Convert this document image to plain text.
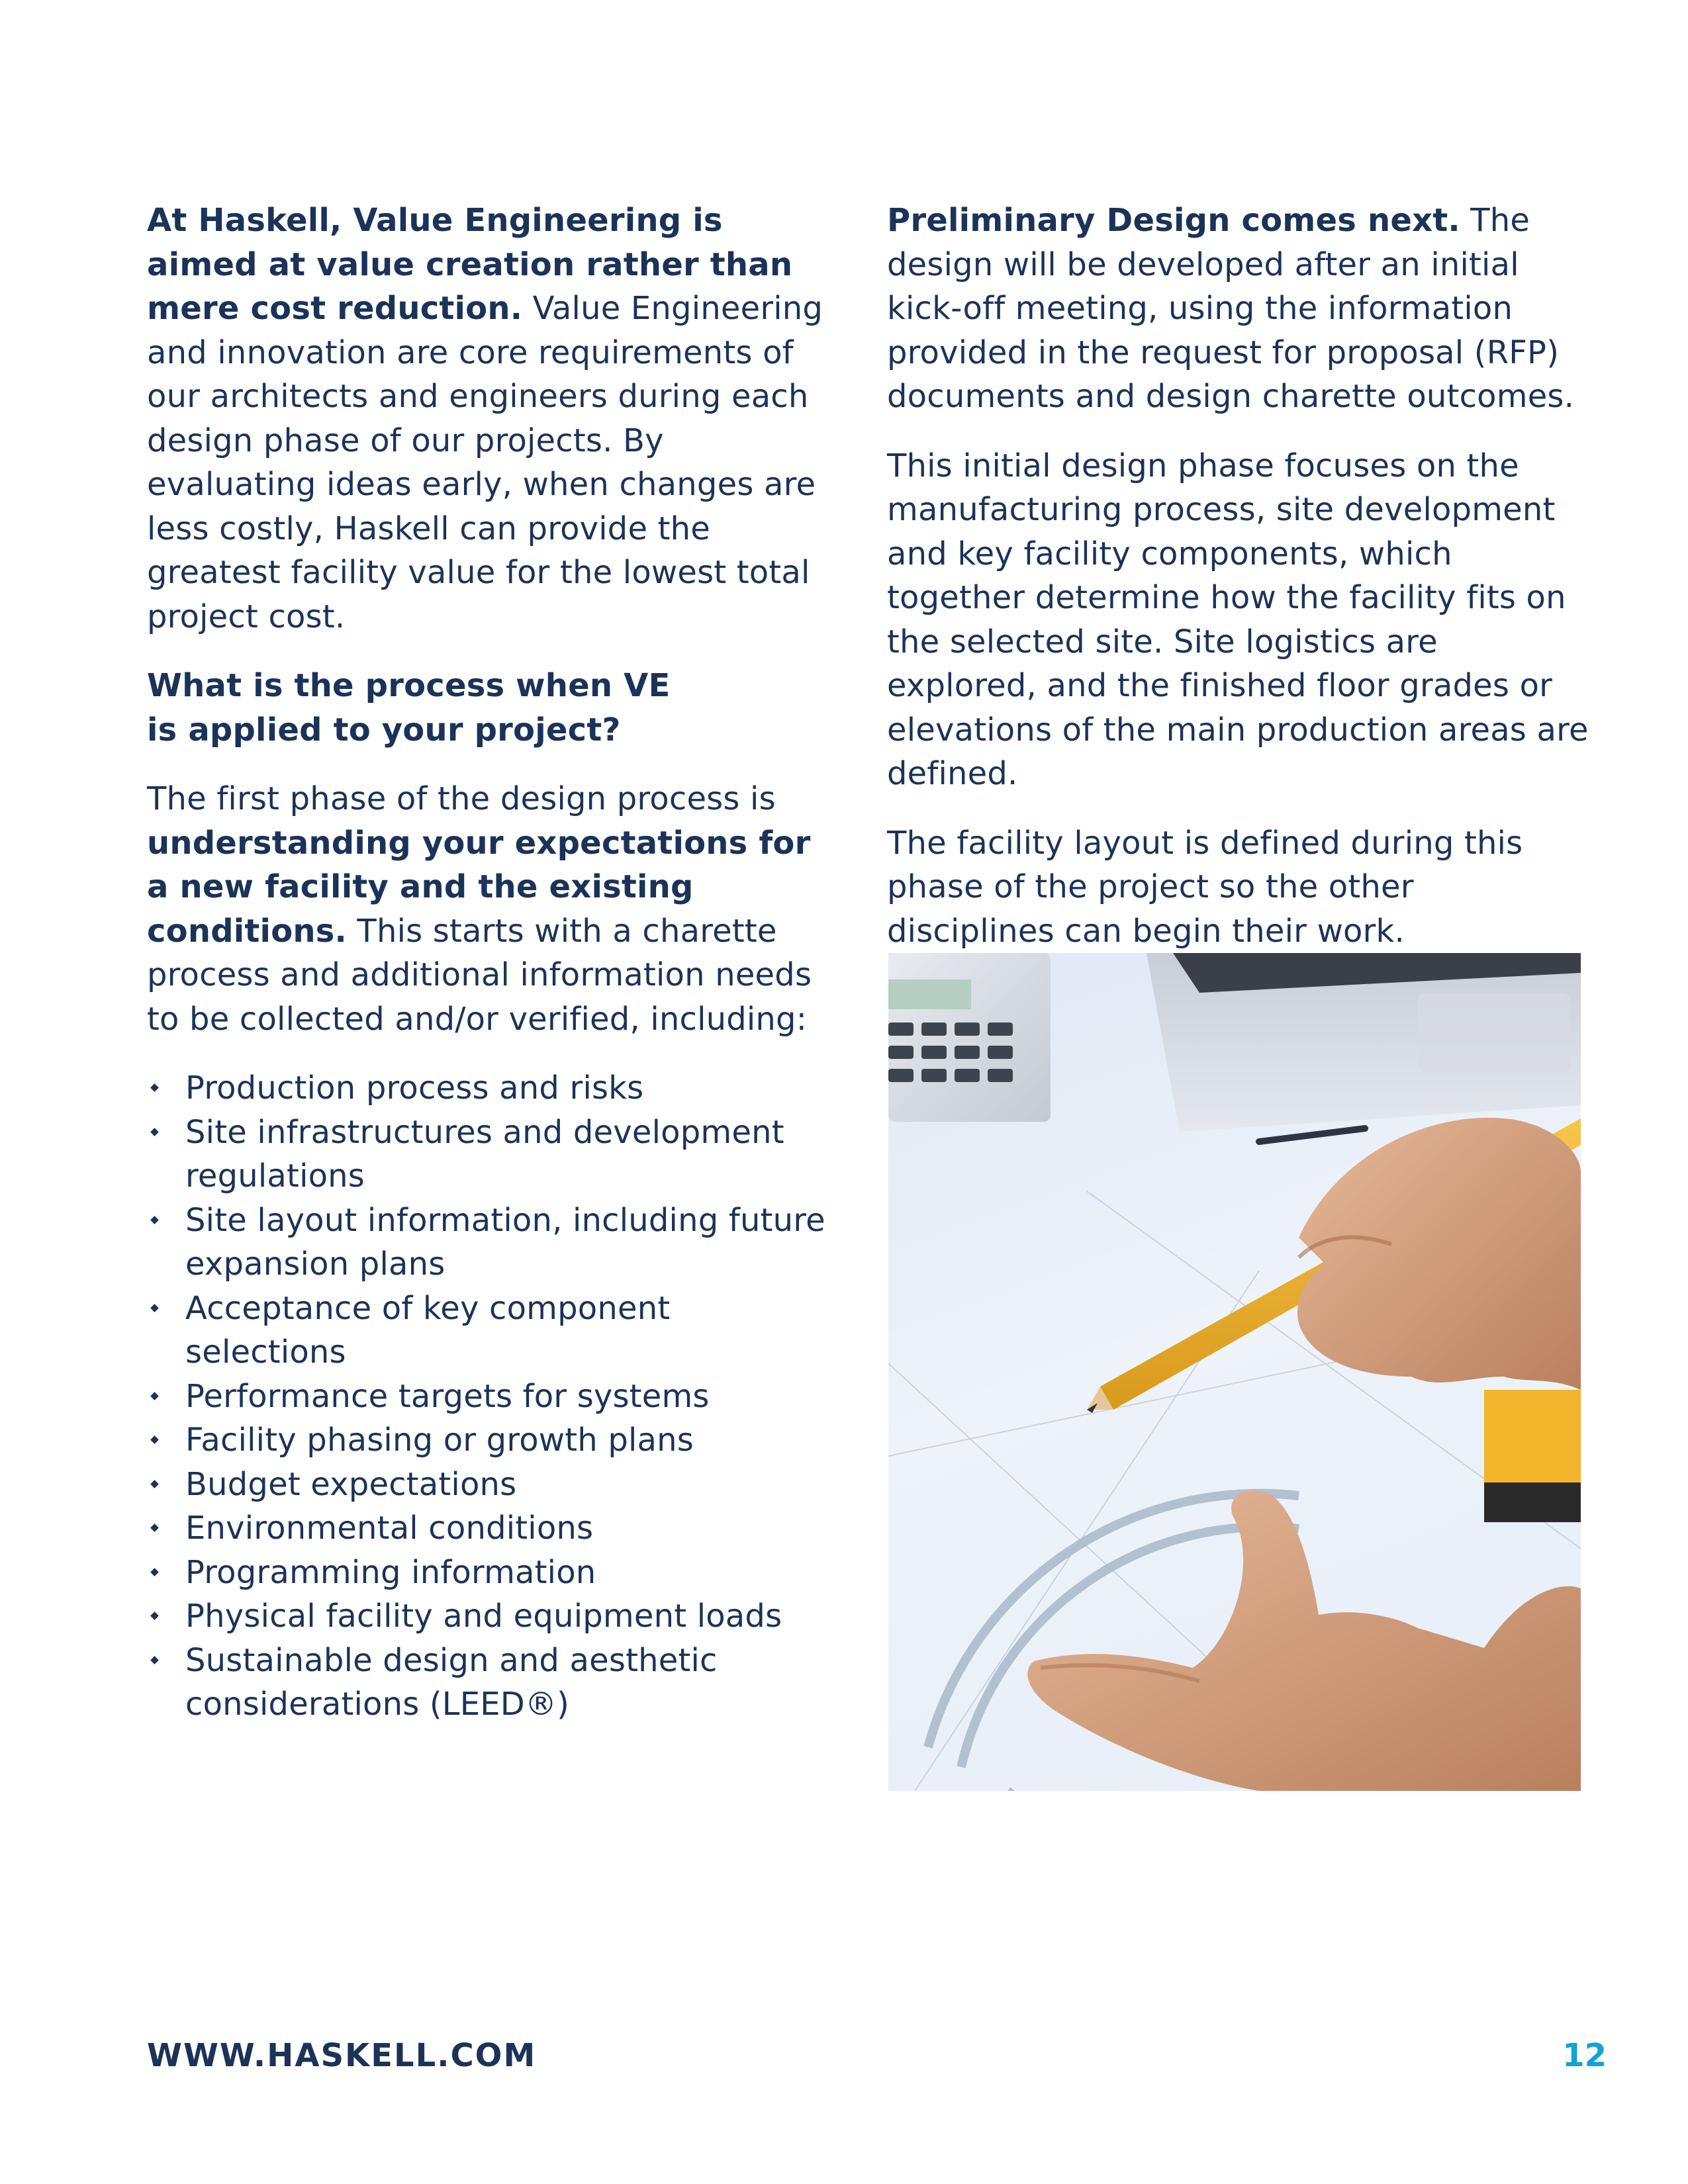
At Haskell, Value Engineering is aimed at value creation rather than mere cost reduction. Value Engineering and innovation are core requirements of our architects and engineers during each design phase of our projects. By evaluating ideas early, when changes are less costly, Haskell can provide the greatest facility value for the lowest total project cost.

What is the process when VE
is applied to your project?

The first phase of the design process is understanding your expectations for a new facility and the existing conditions. This starts with a charette process and additional information needs to be collected and/or verified, including:

Production process and risks
Site infrastructures and development regulations
Site layout information, including future expansion plans
Acceptance of key component selections
Performance targets for systems
Facility phasing or growth plans
Budget expectations
Environmental conditions
Programming information
Physical facility and equipment loads
Sustainable design and aesthetic considerations (LEED®)

Preliminary Design comes next. The design will be developed after an initial kick-off meeting, using the information provided in the request for proposal (RFP) documents and design charette outcomes.

This initial design phase focuses on the manufacturing process, site development and key facility components, which together determine how the facility fits on the selected site. Site logistics are explored, and the finished floor grades or elevations of the main production areas are defined.

The facility layout is defined during this phase of the project so the other disciplines can begin their work.

WWW.HASKELL.COM	12
